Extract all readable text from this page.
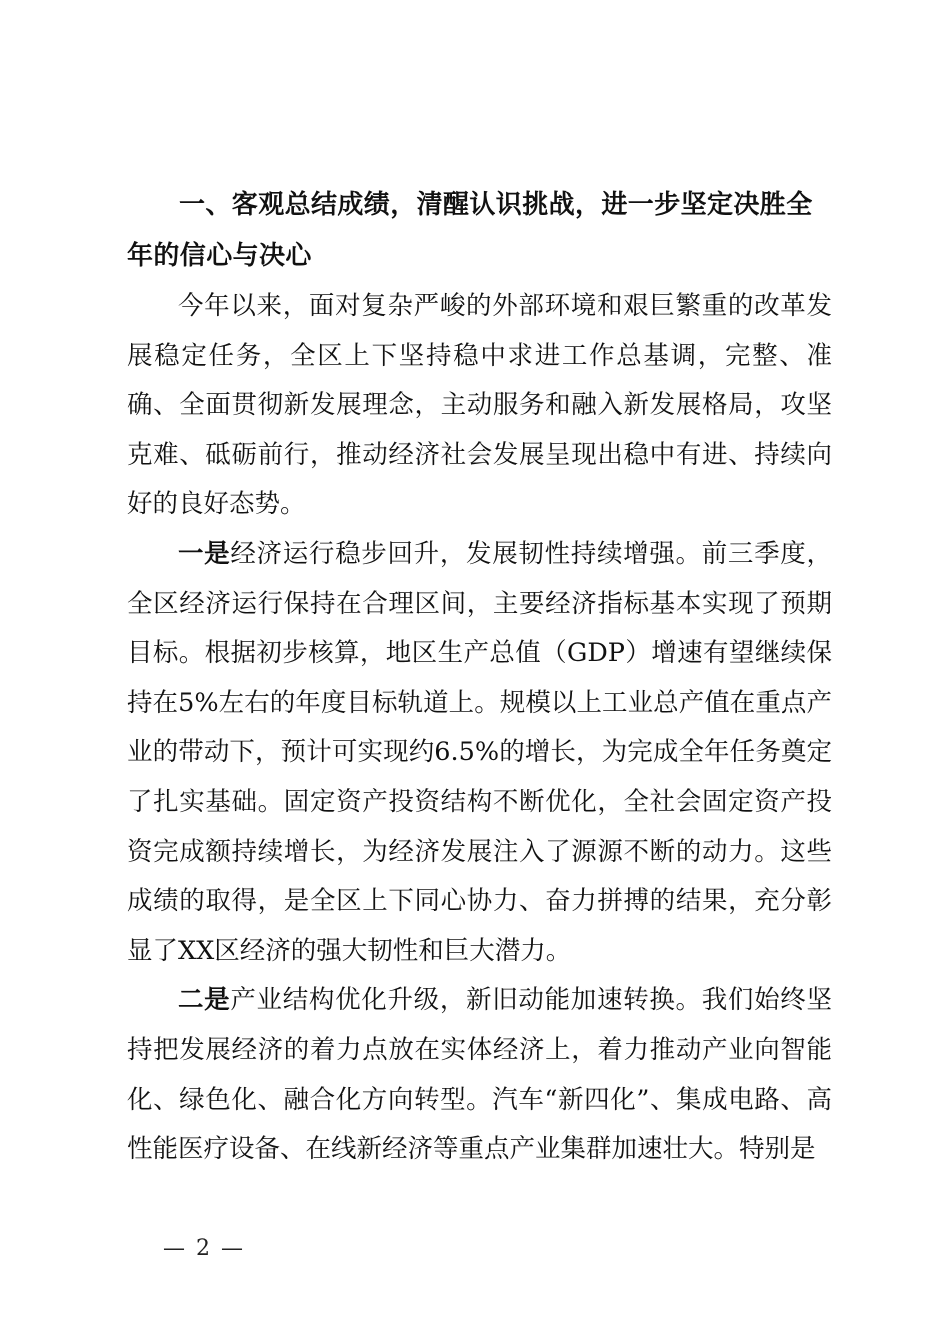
一、客观总结成绩，清醒认识挑战，进一步坚定决胜全年的信心与决心

今年以来，面对复杂严峻的外部环境和艰巨繁重的改革发展稳定任务，全区上下坚持稳中求进工作总基调，完整、准确、全面贯彻新发展理念，主动服务和融入新发展格局，攻坚克难、砥砺前行，推动经济社会发展呈现出稳中有进、持续向好的良好态势。

一是经济运行稳步回升，发展韧性持续增强。前三季度，全区经济运行保持在合理区间，主要经济指标基本实现了预期目标。根据初步核算，地区生产总值（GDP）增速有望继续保持在5%左右的年度目标轨道上。规模以上工业总产值在重点产业的带动下，预计可实现约6.5%的增长，为完成全年任务奠定了扎实基础。固定资产投资结构不断优化，全社会固定资产投资完成额持续增长，为经济发展注入了源源不断的动力。这些成绩的取得，是全区上下同心协力、奋力拼搏的结果，充分彰显了XX区经济的强大韧性和巨大潜力。

二是产业结构优化升级，新旧动能加速转换。我们始终坚持把发展经济的着力点放在实体经济上，着力推动产业向智能化、绿色化、融合化方向转型。汽车“新四化”、集成电路、高性能医疗设备、在线新经济等重点产业集群加速壮大。特别是

— 2 —
